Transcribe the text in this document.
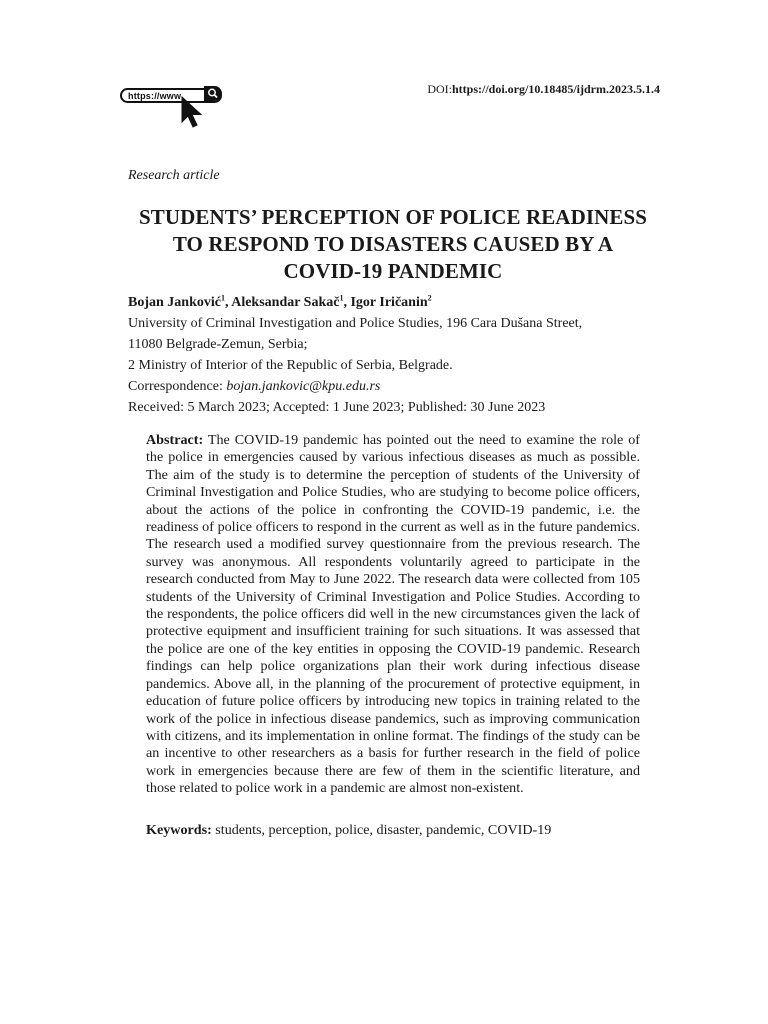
https://www	DOI:https://doi.org/10.18485/ijdrm.2023.5.1.4
Research article
STUDENTS’ PERCEPTION OF POLICE READINESS
TO RESPOND TO DISASTERS CAUSED BY A
COVID-19 PANDEMIC
Bojan Janković$^1$, Aleksandar Sakač$^1$, Igor Iričanin$^2$
University of Criminal Investigation and Police Studies, 196 Cara Dušana Street,
11080 Belgrade-Zemun, Serbia;
2 Ministry of Interior of the Republic of Serbia, Belgrade.
Correspondence: bojan.jankovic@kpu.edu.rs
Received: 5 March 2023; Accepted: 1 June 2023; Published: 30 June 2023

Abstract: The COVID-19 pandemic has pointed out the need to examine the role of the police in emergencies caused by various infectious diseases as much as possible. The aim of the study is to determine the perception of students of the University of Criminal Investigation and Police Studies, who are studying to become police officers, about the actions of the police in confronting the COVID-19 pandemic, i.e. the readiness of police officers to respond in the current as well as in the future pandemics. The research used a modified survey questionnaire from the previous research. The survey was anonymous. All respondents voluntarily agreed to participate in the research conducted from May to June 2022. The research data were collected from 105 students of the University of Criminal Investigation and Police Studies. According to the respondents, the police officers did well in the new circumstances given the lack of protective equipment and insufficient training for such situations. It was assessed that the police are one of the key entities in opposing the COVID-19 pandemic. Research findings can help police organizations plan their work during infectious disease pandemics. Above all, in the planning of the procurement of protective equipment, in education of future police officers by introducing new topics in training related to the work of the police in infectious disease pandemics, such as improving communication with citizens, and its implementation in online format. The findings of the study can be an incentive to other researchers as a basis for further research in the field of police work in emergencies because there are few of them in the scientific literature, and those related to police work in a pandemic are almost non-existent.

Keywords: students, perception, police, disaster, pandemic, COVID-19
